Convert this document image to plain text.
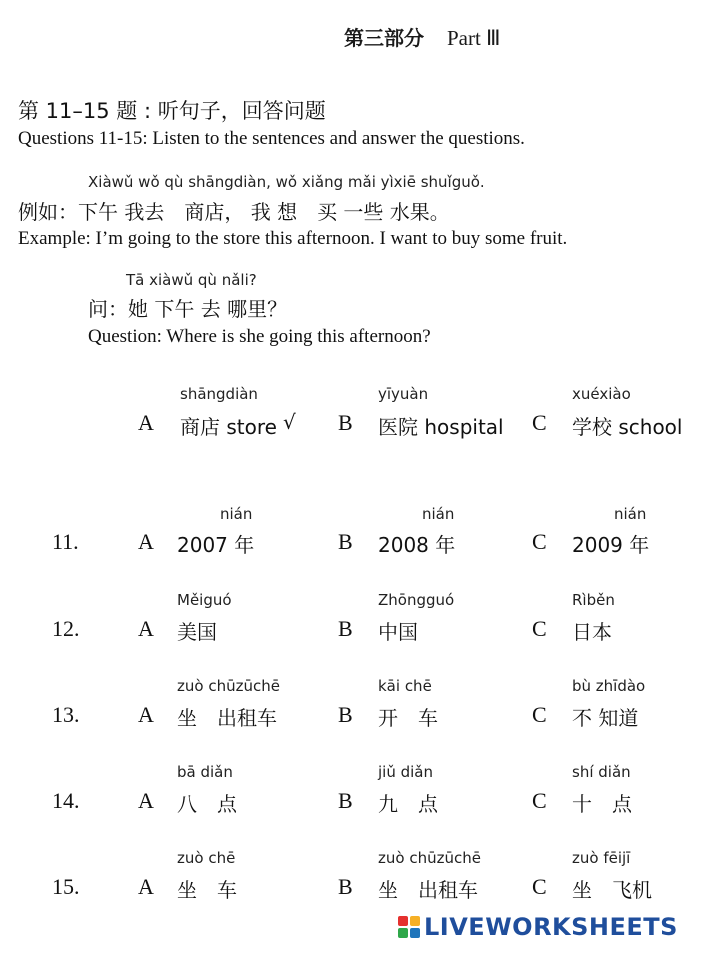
第三部分 Part Ⅲ
第 11–15 题 : 听句子，回答问题
Questions 11-15: Listen to the sentences and answer the questions.
Xiàwǔ wǒ qù shāngdiàn, wǒ xiǎng mǎi yìxiē shuǐguǒ.
例如：下午 我去　商店， 我 想　买 一些 水果。
Example: I’m going to the store this afternoon. I want to buy some fruit.
Tā xiàwǔ qù nǎli?
问：她 下午 去 哪里？
Question: Where is she going this afternoon?
shāngdiàn
A 商店 store √
yīyuàn
B 医院 hospital
xuéxiào
C 学校 school
11.
nián
A 2007 年
nián
B 2008 年
nián
C 2009 年
12.
Měiguó
A 美国
Zhōngguó
B 中国
Rìběn
C 日本
13.
zuò chūzūchē
A 坐　出租车
kāi chē
B 开　车
bù zhīdào
C 不 知道
14.
bā diǎn
A 八　点
jiǔ diǎn
B 九　点
shí diǎn
C 十　点
15.
zuò chē
A 坐　车
zuò chūzūchē
B 坐　出租车
zuò fēijī
C 坐　飞机
LIVEWORKSHEETS
